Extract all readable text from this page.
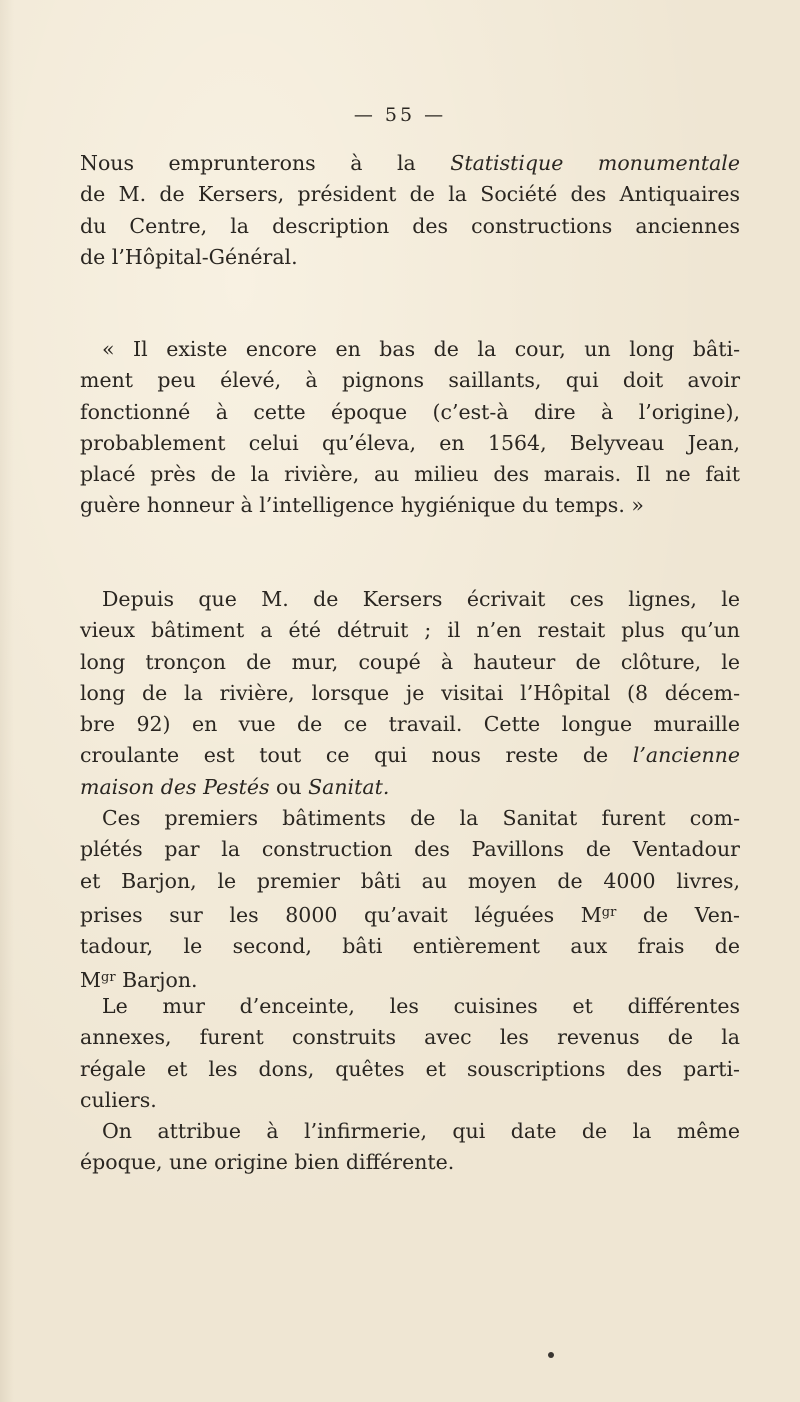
— 55 —
Nous emprunterons à la Statistique monumentale
de M. de Kersers, président de la Société des Antiquaires
du Centre, la description des constructions anciennes
de l’Hôpital-Général.
« Il existe encore en bas de la cour, un long bâti-
ment peu élevé, à pignons saillants, qui doit avoir
fonctionné à cette époque (c’est-à dire à l’origine),
probablement celui qu’éleva, en 1564, Belyveau Jean,
placé près de la rivière, au milieu des marais. Il ne fait
guère honneur à l’intelligence hygiénique du temps. »
Depuis que M. de Kersers écrivait ces lignes, le
vieux bâtiment a été détruit ; il n’en restait plus qu’un
long tronçon de mur, coupé à hauteur de clôture, le
long de la rivière, lorsque je visitai l’Hôpital (8 décem-
bre 92) en vue de ce travail. Cette longue muraille
croulante est tout ce qui nous reste de l’ancienne
maison des Pestés ou Sanitat.
Ces premiers bâtiments de la Sanitat furent com-
plétés par la construction des Pavillons de Ventadour
et Barjon, le premier bâti au moyen de 4000 livres,
prises sur les 8000 qu’avait léguées $M^{gr}$ de Ven-
tadour, le second, bâti entièrement aux frais de
$M^{gr}$ Barjon.
Le mur d’enceinte, les cuisines et différentes
annexes, furent construits avec les revenus de la
régale et les dons, quêtes et souscriptions des parti-
culiers.
On attribue à l’infirmerie, qui date de la même
époque, une origine bien différente.
